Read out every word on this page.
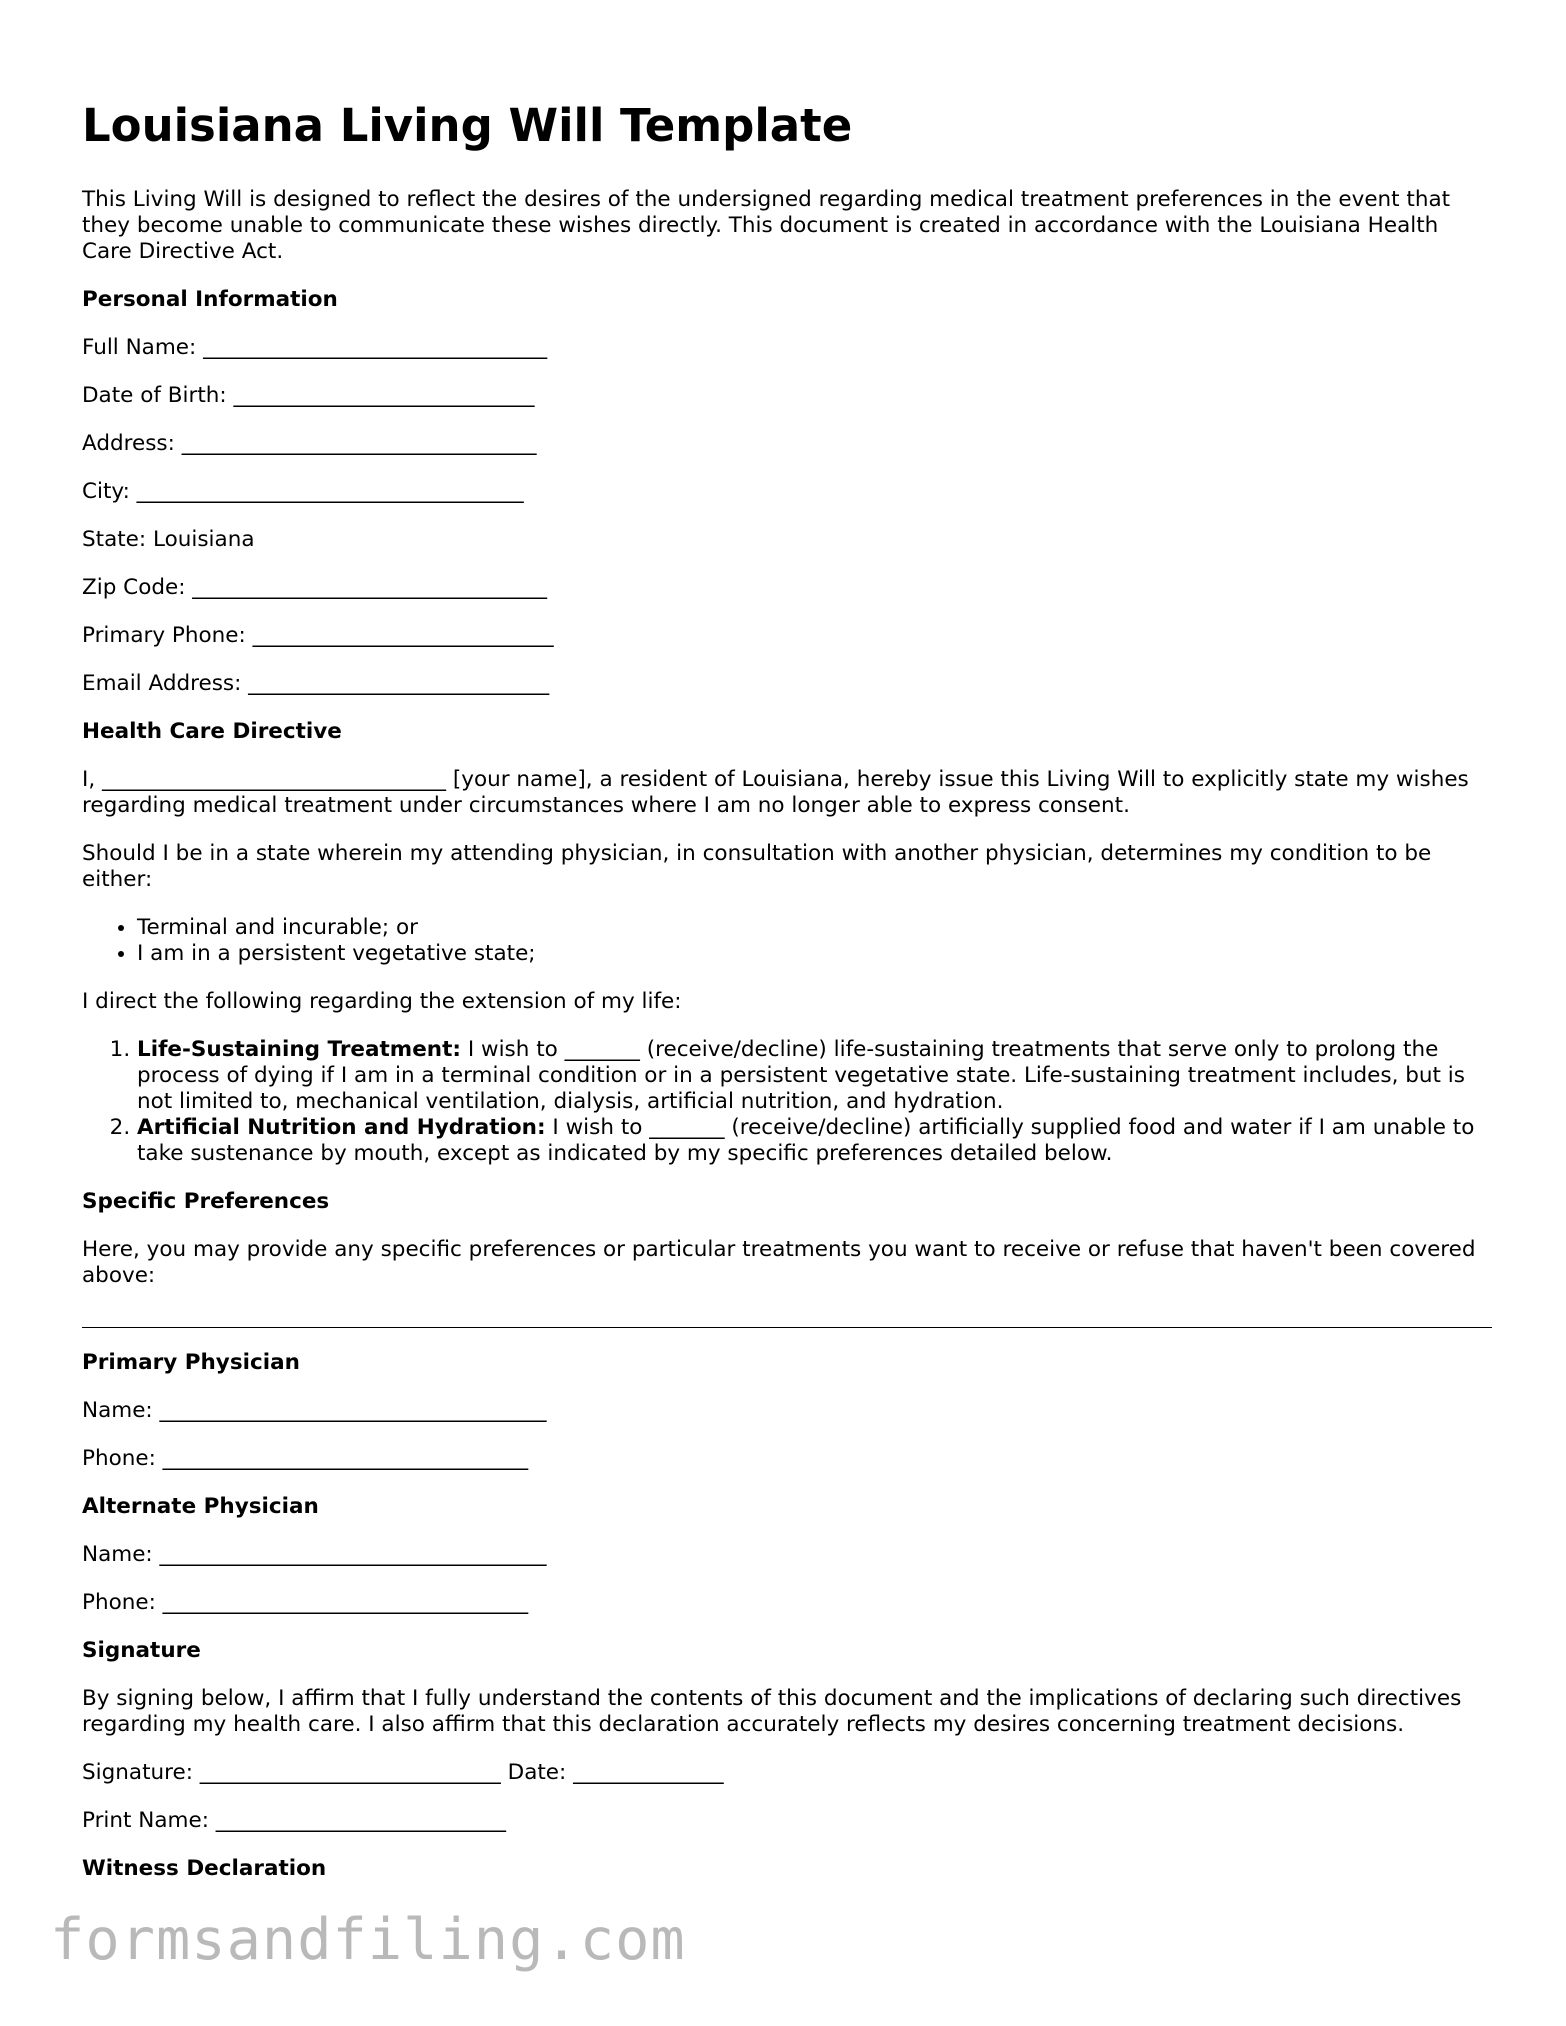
Louisiana Living Will Template

This Living Will is designed to reflect the desires of the undersigned regarding medical treatment preferences in the event that they become unable to communicate these wishes directly. This document is created in accordance with the Louisiana Health Care Directive Act.

Personal Information
Full Name: ________________________________
Date of Birth: ____________________________
Address: _________________________________
City: ____________________________________
State: Louisiana
Zip Code: _________________________________
Primary Phone: ____________________________
Email Address: ____________________________
Health Care Directive

I, ________________________________ [your name], a resident of Louisiana, hereby issue this Living Will to explicitly state my wishes regarding medical treatment under circumstances where I am no longer able to express consent.

Should I be in a state wherein my attending physician, in consultation with another physician, determines my condition to be either:

• Terminal and incurable; or
• I am in a persistent vegetative state;

I direct the following regarding the extension of my life:

1. Life-Sustaining Treatment: I wish to _______ (receive/decline) life-sustaining treatments that serve only to prolong the process of dying if I am in a terminal condition or in a persistent vegetative state. Life-sustaining treatment includes, but is not limited to, mechanical ventilation, dialysis, artificial nutrition, and hydration.
2. Artificial Nutrition and Hydration: I wish to _______ (receive/decline) artificially supplied food and water if I am unable to take sustenance by mouth, except as indicated by my specific preferences detailed below.
Specific Preferences

Here, you may provide any specific preferences or particular treatments you want to receive or refuse that haven't been covered above:

Primary Physician
Name: ____________________________________
Phone: __________________________________
Alternate Physician
Name: ____________________________________
Phone: __________________________________
Signature

By signing below, I affirm that I fully understand the contents of this document and the implications of declaring such directives regarding my health care. I also affirm that this declaration accurately reflects my desires concerning treatment decisions.

Signature: ____________________________ Date: ______________
Print Name: ___________________________
Witness Declaration
formsandfiling.com
